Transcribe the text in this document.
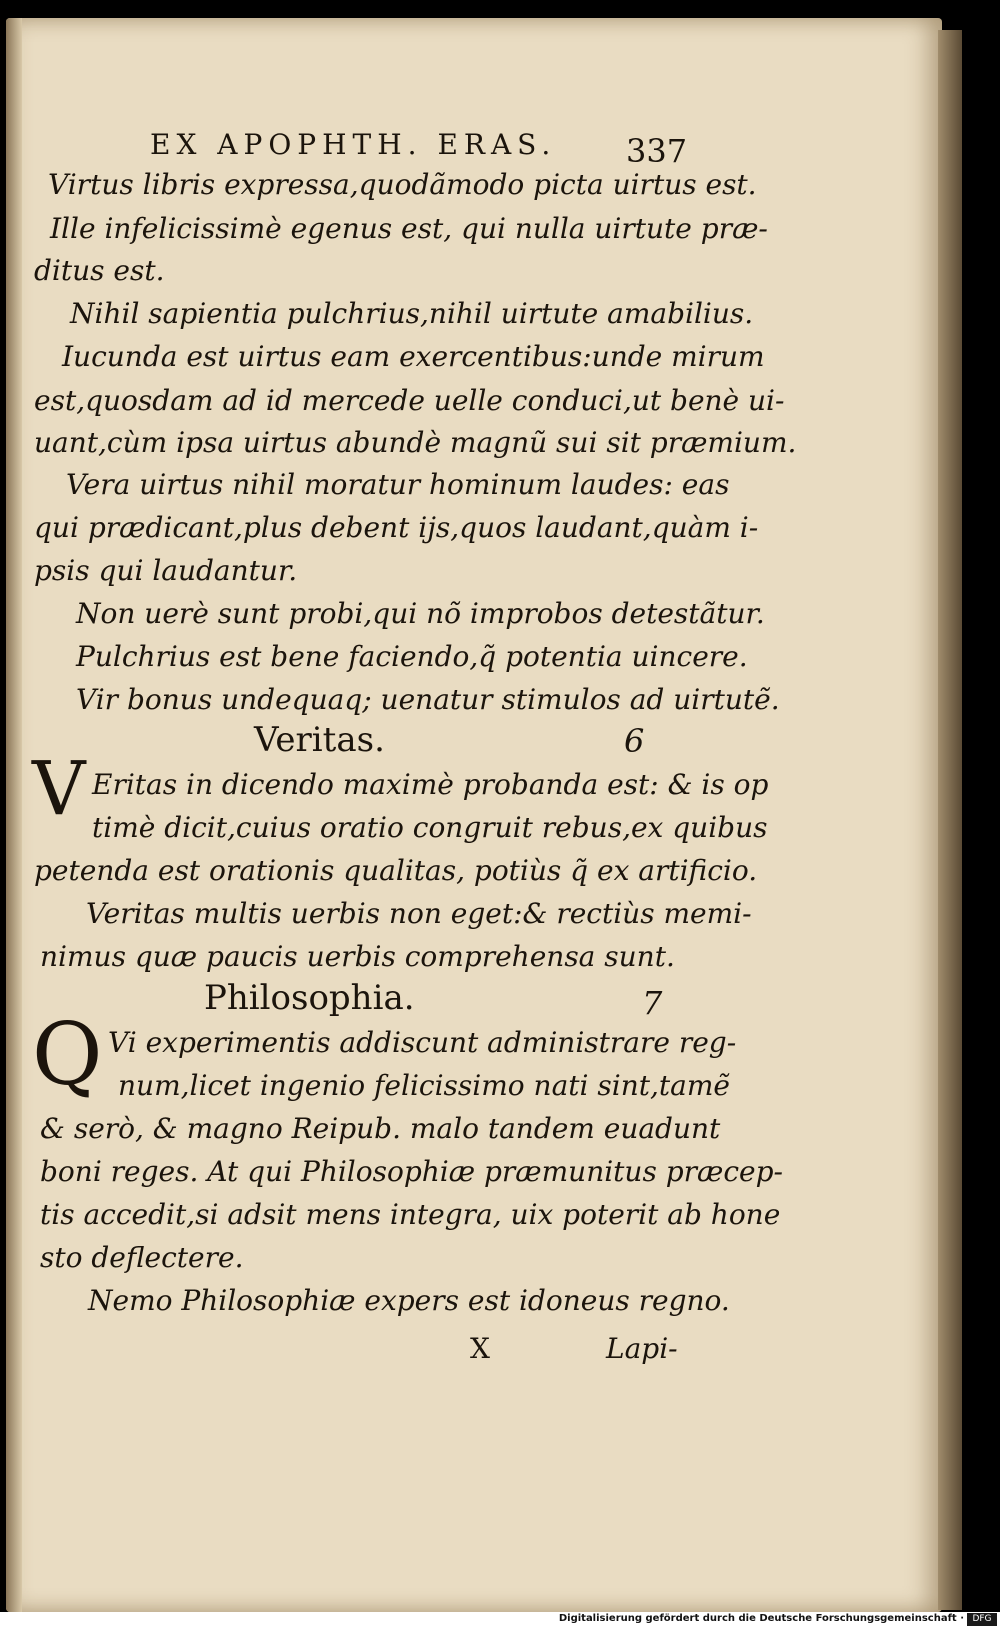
EX APOPHTH. ERAS. 337
Virtus libris expressa,quodãmodo picta uirtus est.
Ille infelicissimè egenus est, qui nulla uirtute præ-
ditus est.
Nihil sapientia pulchrius,nihil uirtute amabilius.
Iucunda est uirtus eam exercentibus:unde mirum
est,quosdam ad id mercede uelle conduci,ut benè ui-
uant,cùm ipsa uirtus abundè magnũ sui sit præmium.
Vera uirtus nihil moratur hominum laudes: eas
qui prædicant,plus debent ijs,quos laudant,quàm i-
psis qui laudantur.
Non uerè sunt probi,qui nõ improbos detestãtur.
Pulchrius est bene faciendo,q̃ potentia uincere.
Vir bonus undequaq; uenatur stimulos ad uirtutẽ.
Veritas.	6
V Eritas in dicendo maximè probanda est: & is op
timè dicit,cuius oratio congruit rebus,ex quibus
petenda est orationis qualitas, potiùs q̃ ex artificio.
Veritas multis uerbis non eget:& rectiùs memi-
nimus quæ paucis uerbis comprehensa sunt.
Philosophia.	7
Q Vi experimentis addiscunt administrare reg-
num,licet ingenio felicissimo nati sint,tamẽ
& serò, & magno Reipub. malo tandem euadunt
boni reges. At qui Philosophiæ præmunitus præcep-
tis accedit,si adsit mens integra, uix poterit ab hone
sto deflectere.
Nemo Philosophiæ expers est idoneus regno.
X	Lapi-
Digitalisierung gefördert durch die Deutsche Forschungsgemeinschaft · DFG
